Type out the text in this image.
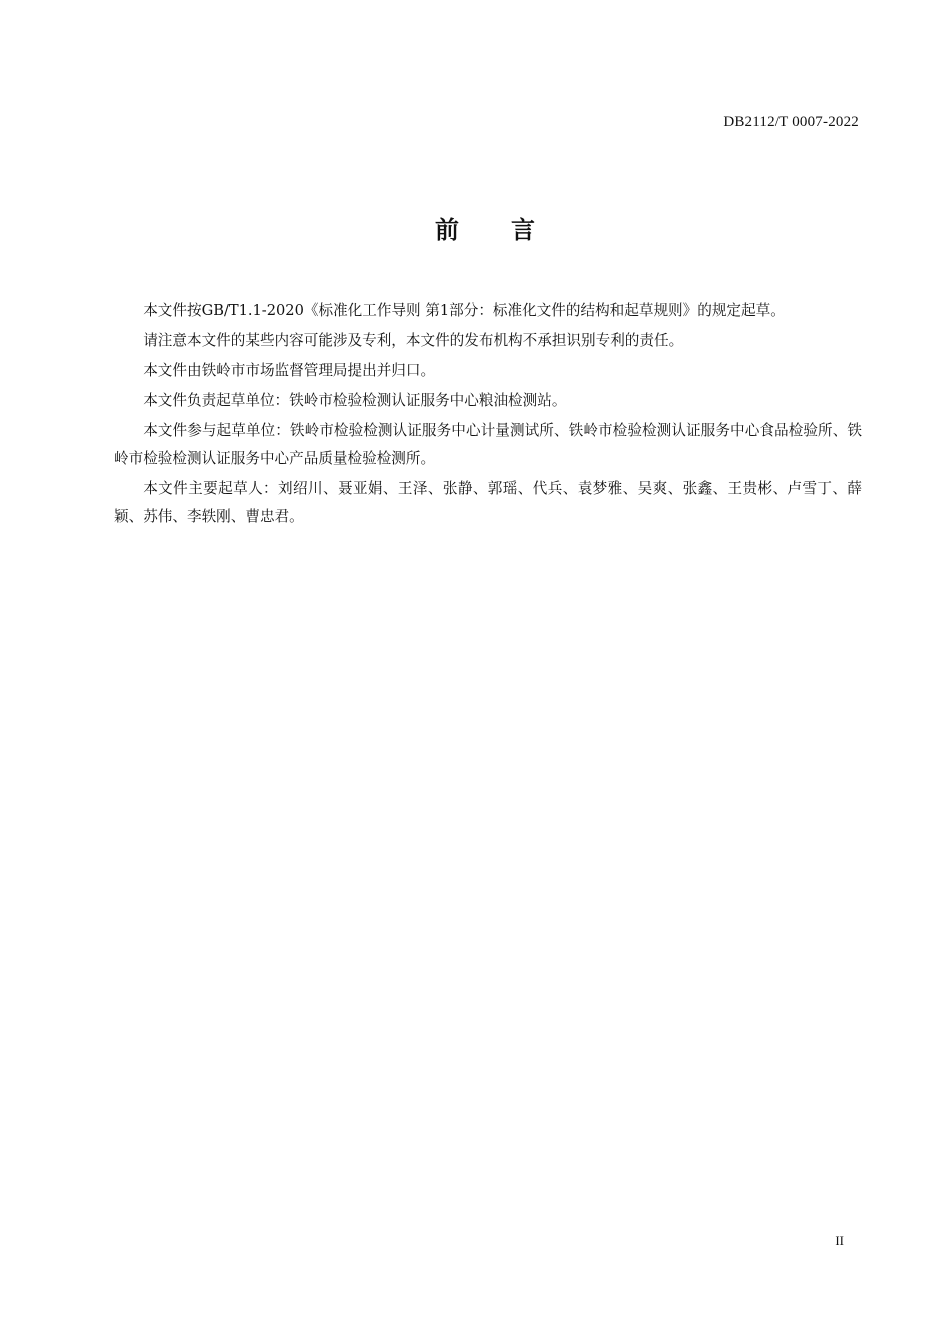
DB2112/T 0007-2022
前 言

本文件按GB/T1.1-2020《标准化工作导则 第1部分：标准化文件的结构和起草规则》的规定起草。

请注意本文件的某些内容可能涉及专利，本文件的发布机构不承担识别专利的责任。

本文件由铁岭市市场监督管理局提出并归口。

本文件负责起草单位：铁岭市检验检测认证服务中心粮油检测站。

本文件参与起草单位：铁岭市检验检测认证服务中心计量测试所、铁岭市检验检测认证服务中心食品检验所、铁岭市检验检测认证服务中心产品质量检验检测所。

本文件主要起草人：刘绍川、聂亚娟、王泽、张静、郭瑶、代兵、袁梦雅、吴爽、张鑫、王贵彬、卢雪丁、薛颖、苏伟、李轶刚、曹忠君。

II
